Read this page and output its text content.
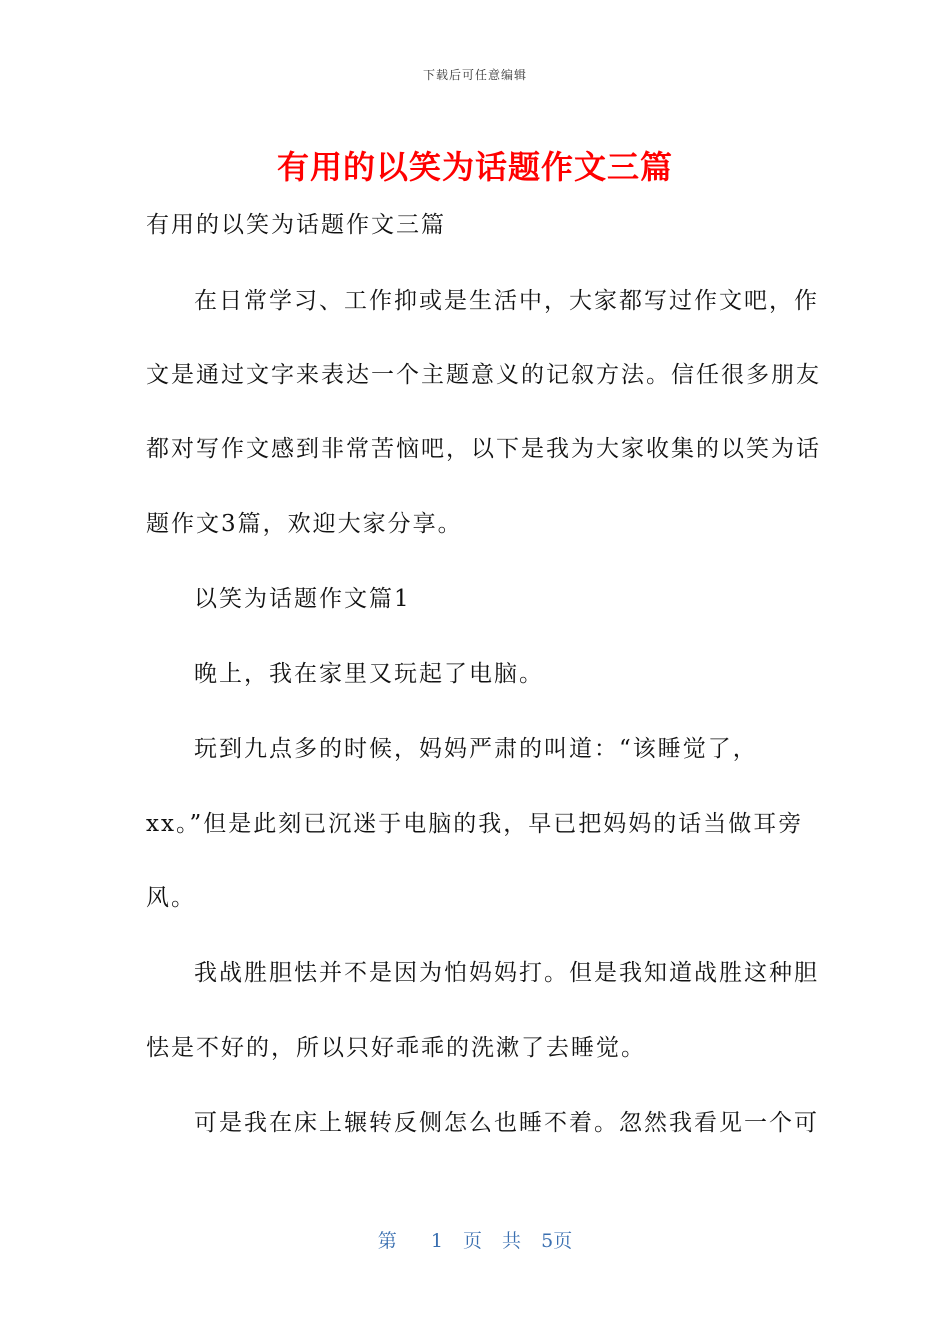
下载后可任意编辑
有用的以笑为话题作文三篇
有用的以笑为话题作文三篇
在日常学习、工作抑或是生活中，大家都写过作文吧，作
文是通过文字来表达一个主题意义的记叙方法。信任很多朋友
都对写作文感到非常苦恼吧，以下是我为大家收集的以笑为话
题作文3篇，欢迎大家分享。
以笑为话题作文篇1
晚上，我在家里又玩起了电脑。
玩到九点多的时候，妈妈严肃的叫道：“该睡觉了，
xx。”但是此刻已沉迷于电脑的我，早已把妈妈的话当做耳旁
风。
我战胜胆怯并不是因为怕妈妈打。但是我知道战胜这种胆
怯是不好的，所以只好乖乖的洗漱了去睡觉。
可是我在床上辗转反侧怎么也睡不着。忽然我看见一个可
第 1 页 共 5页
